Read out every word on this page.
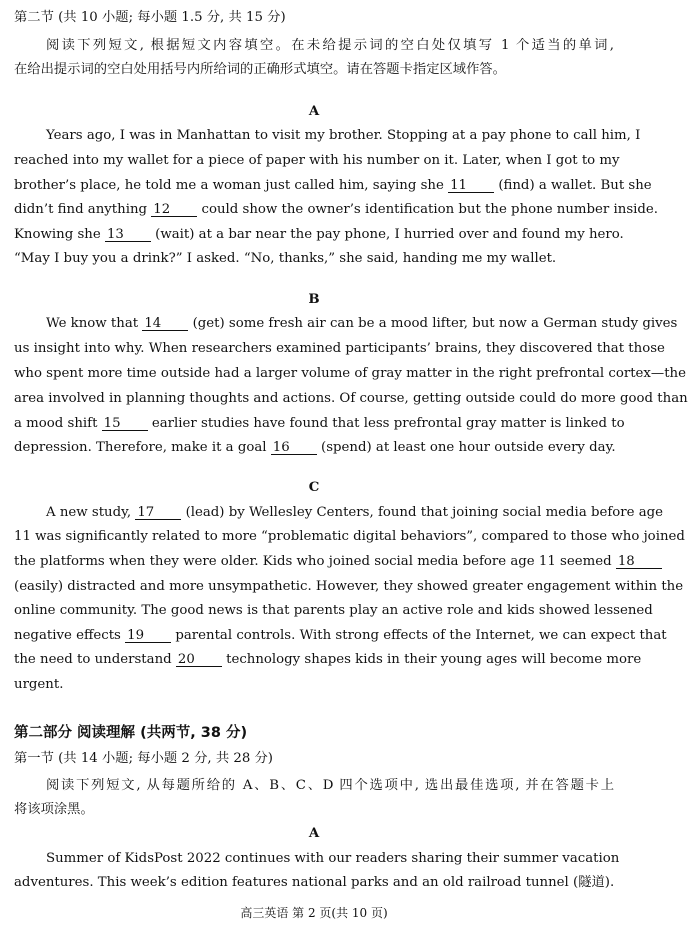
第二节 (共 10 小题; 每小题 1.5 分, 共 15 分)
阅读下列短文, 根据短文内容填空。在未给提示词的空白处仅填写 1 个适当的单词,
在给出提示词的空白处用括号内所给词的正确形式填空。请在答题卡指定区域作答。
A
Years ago, I was in Manhattan to visit my brother. Stopping at a pay phone to call him, I
reached into my wallet for a piece of paper with his number on it. Later, when I got to my
brother’s place, he told me a woman just called him, saying she 11 (find) a wallet. But she
didn’t find anything 12 could show the owner’s identification but the phone number inside.
Knowing she 13 (wait) at a bar near the pay phone, I hurried over and found my hero.
“May I buy you a drink?” I asked. “No, thanks,” she said, handing me my wallet.
B
We know that 14 (get) some fresh air can be a mood lifter, but now a German study gives
us insight into why. When researchers examined participants’ brains, they discovered that those
who spent more time outside had a larger volume of gray matter in the right prefrontal cortex—the
area involved in planning thoughts and actions. Of course, getting outside could do more good than
a mood shift 15 earlier studies have found that less prefrontal gray matter is linked to
depression. Therefore, make it a goal 16 (spend) at least one hour outside every day.
C
A new study, 17 (lead) by Wellesley Centers, found that joining social media before age
11 was significantly related to more “problematic digital behaviors”, compared to those who joined
the platforms when they were older. Kids who joined social media before age 11 seemed 18
(easily) distracted and more unsympathetic. However, they showed greater engagement within the
online community. The good news is that parents play an active role and kids showed lessened
negative effects 19 parental controls. With strong effects of the Internet, we can expect that
the need to understand 20 technology shapes kids in their young ages will become more
urgent.
第二部分 阅读理解 (共两节, 38 分)
第一节 (共 14 小题; 每小题 2 分, 共 28 分)
阅读下列短文, 从每题所给的 A、B、C、D 四个选项中, 选出最佳选项, 并在答题卡上
将该项涂黑。
A
Summer of KidsPost 2022 continues with our readers sharing their summer vacation
adventures. This week’s edition features national parks and an old railroad tunnel (隧道).
高三英语 第 2 页(共 10 页)
